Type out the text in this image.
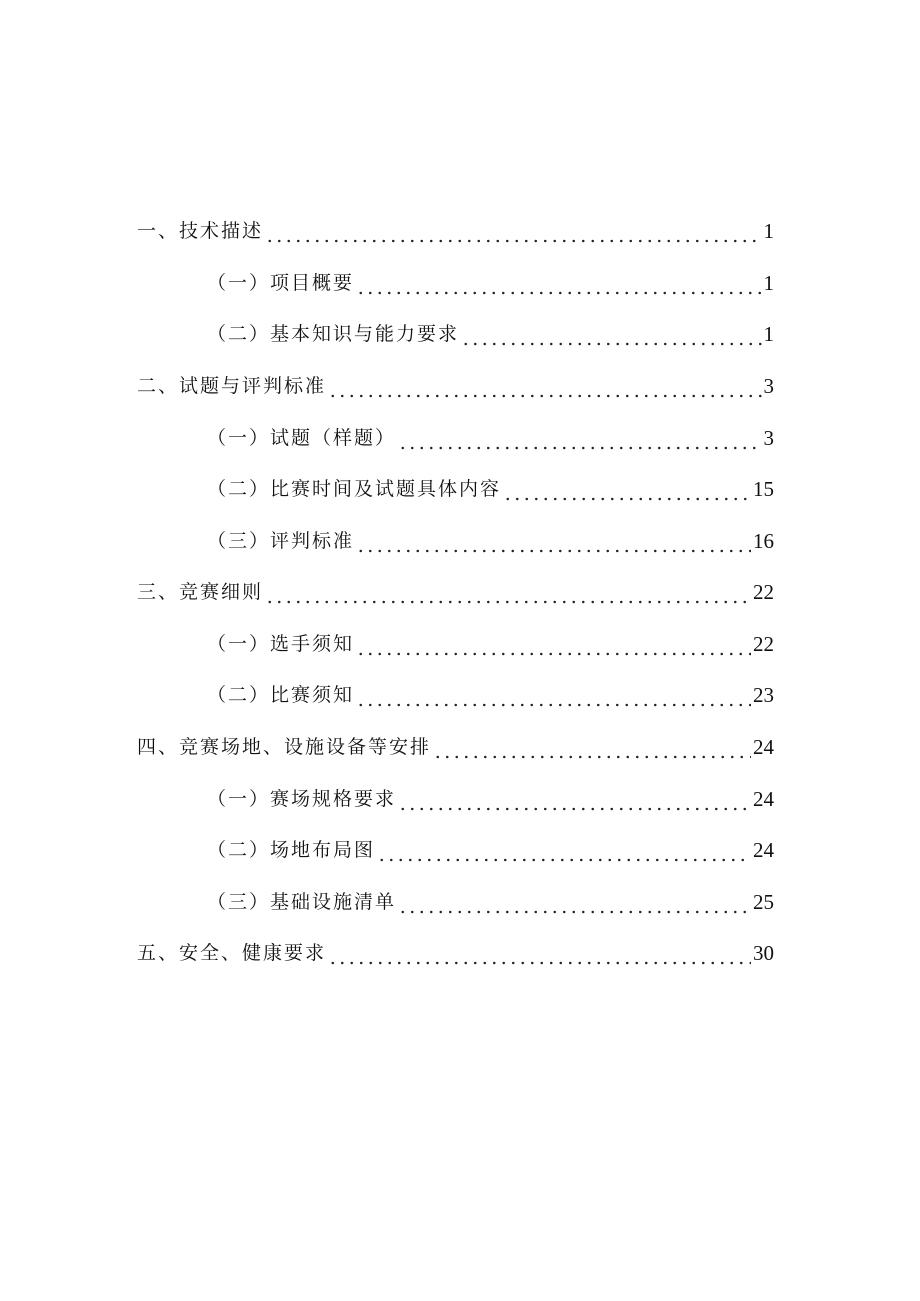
一、技术描述	1
（一）项目概要	1
（二）基本知识与能力要求	1
二、试题与评判标准	3
（一）试题（样题）	3
（二）比赛时间及试题具体内容	15
（三）评判标准	16
三、竞赛细则	22
（一）选手须知	22
（二）比赛须知	23
四、竞赛场地、设施设备等安排	24
（一）赛场规格要求	24
（二）场地布局图	24
（三）基础设施清单	25
五、安全、健康要求	30
